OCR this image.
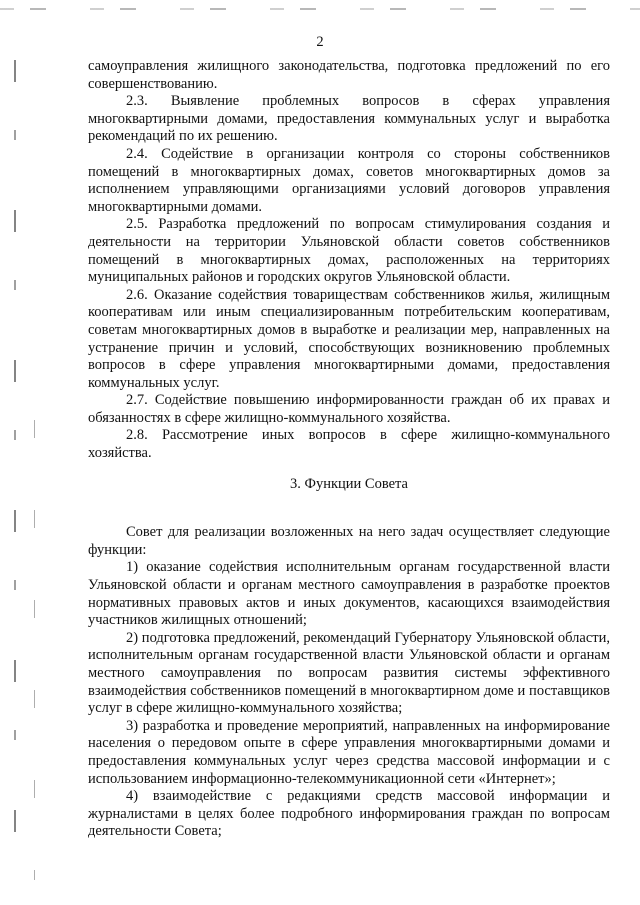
2

самоуправления жилищного законодательства, подготовка предложений по его совершенствованию.

2.3. Выявление проблемных вопросов в сферах управления многоквартирными домами, предоставления коммунальных услуг и выработка рекомендаций по их решению.

2.4. Содействие в организации контроля со стороны собственников помещений в многоквартирных домах, советов многоквартирных домов за исполнением управляющими организациями условий договоров управления многоквартирными домами.

2.5. Разработка предложений по вопросам стимулирования создания и деятельности на территории Ульяновской области советов собственников помещений в многоквартирных домах, расположенных на территориях муниципальных районов и городских округов Ульяновской области.

2.6. Оказание содействия товариществам собственников жилья, жилищным кооперативам или иным специализированным потребительским кооперативам, советам многоквартирных домов в выработке и реализации мер, направленных на устранение причин и условий, способствующих возникновению проблемных вопросов в сфере управления многоквартирными домами, предоставления коммунальных услуг.

2.7. Содействие повышению информированности граждан об их правах и обязанностях в сфере жилищно-коммунального хозяйства.

2.8. Рассмотрение иных вопросов в сфере жилищно-коммунального хозяйства.

3. Функции Совета

Совет для реализации возложенных на него задач осуществляет следующие функции:

1) оказание содействия исполнительным органам государственной власти Ульяновской области и органам местного самоуправления в разработке проектов нормативных правовых актов и иных документов, касающихся взаимодействия участников жилищных отношений;

2) подготовка предложений, рекомендаций Губернатору Ульяновской области, исполнительным органам государственной власти Ульяновской области и органам местного самоуправления по вопросам развития системы эффективного взаимодействия собственников помещений в многоквартирном доме и поставщиков услуг в сфере жилищно-коммунального хозяйства;

3) разработка и проведение мероприятий, направленных на информирование населения о передовом опыте в сфере управления многоквартирными домами и предоставления коммунальных услуг через средства массовой информации и с использованием информационно-телекоммуникационной сети «Интернет»;

4) взаимодействие с редакциями средств массовой информации и журналистами в целях более подробного информирования граждан по вопросам деятельности Совета;
